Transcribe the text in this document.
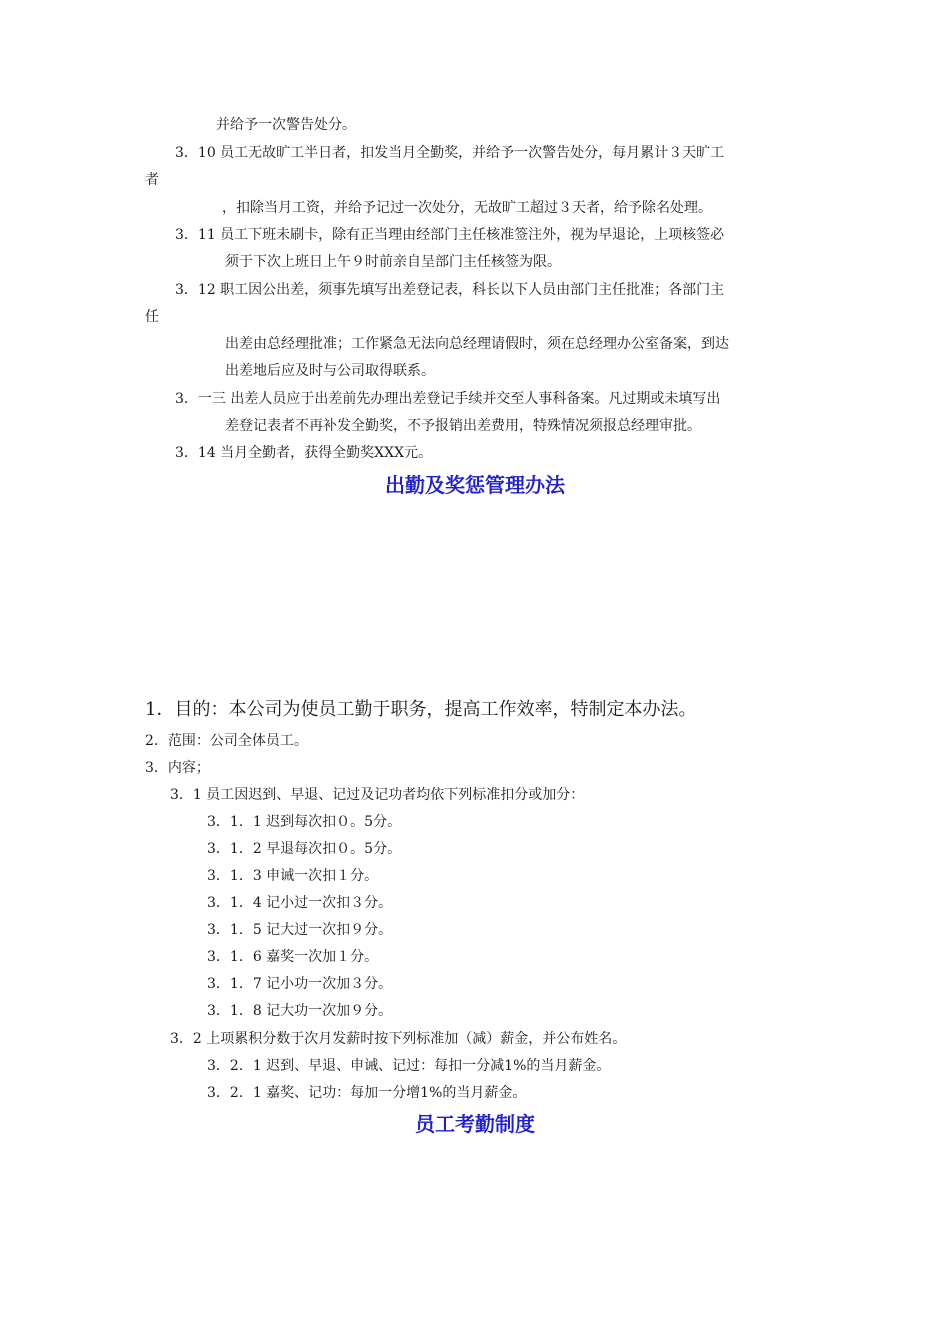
并给予一次警告处分。
3．10 员工无故旷工半日者，扣发当月全勤奖，并给予一次警告处分，每月累计３天旷工
者
，扣除当月工资，并给予记过一次处分，无故旷工超过３天者，给予除名处理。
3．11 员工下班未刷卡，除有正当理由经部门主任核准签注外，视为早退论，上项核签必
须于下次上班日上午９时前亲自呈部门主任核签为限。
3．12 职工因公出差，须事先填写出差登记表，科长以下人员由部门主任批准；各部门主
任
出差由总经理批准；工作紧急无法向总经理请假时，须在总经理办公室备案，到达
出差地后应及时与公司取得联系。
3．一三 出差人员应于出差前先办理出差登记手续并交至人事科备案。凡过期或未填写出
差登记表者不再补发全勤奖，不予报销出差费用，特殊情况须报总经理审批。
3．14 当月全勤者，获得全勤奖XXX元。
出勤及奖惩管理办法
1．目的：本公司为使员工勤于职务，提高工作效率，特制定本办法。
2．范围：公司全体员工。
3．内容；
3．1 员工因迟到、早退、记过及记功者均依下列标准扣分或加分：
3．1．1 迟到每次扣０。5分。
3．1．2 早退每次扣０。5分。
3．1．3 申诫一次扣１分。
3．1．4 记小过一次扣３分。
3．1．5 记大过一次扣９分。
3．1．6 嘉奖一次加１分。
3．1．7 记小功一次加３分。
3．1．8 记大功一次加９分。
3．2 上项累积分数于次月发薪时按下列标准加（减）薪金，并公布姓名。
3．2．1 迟到、早退、申诫、记过：每扣一分减1%的当月薪金。
3．2．1 嘉奖、记功：每加一分增1%的当月薪金。
员工考勤制度
